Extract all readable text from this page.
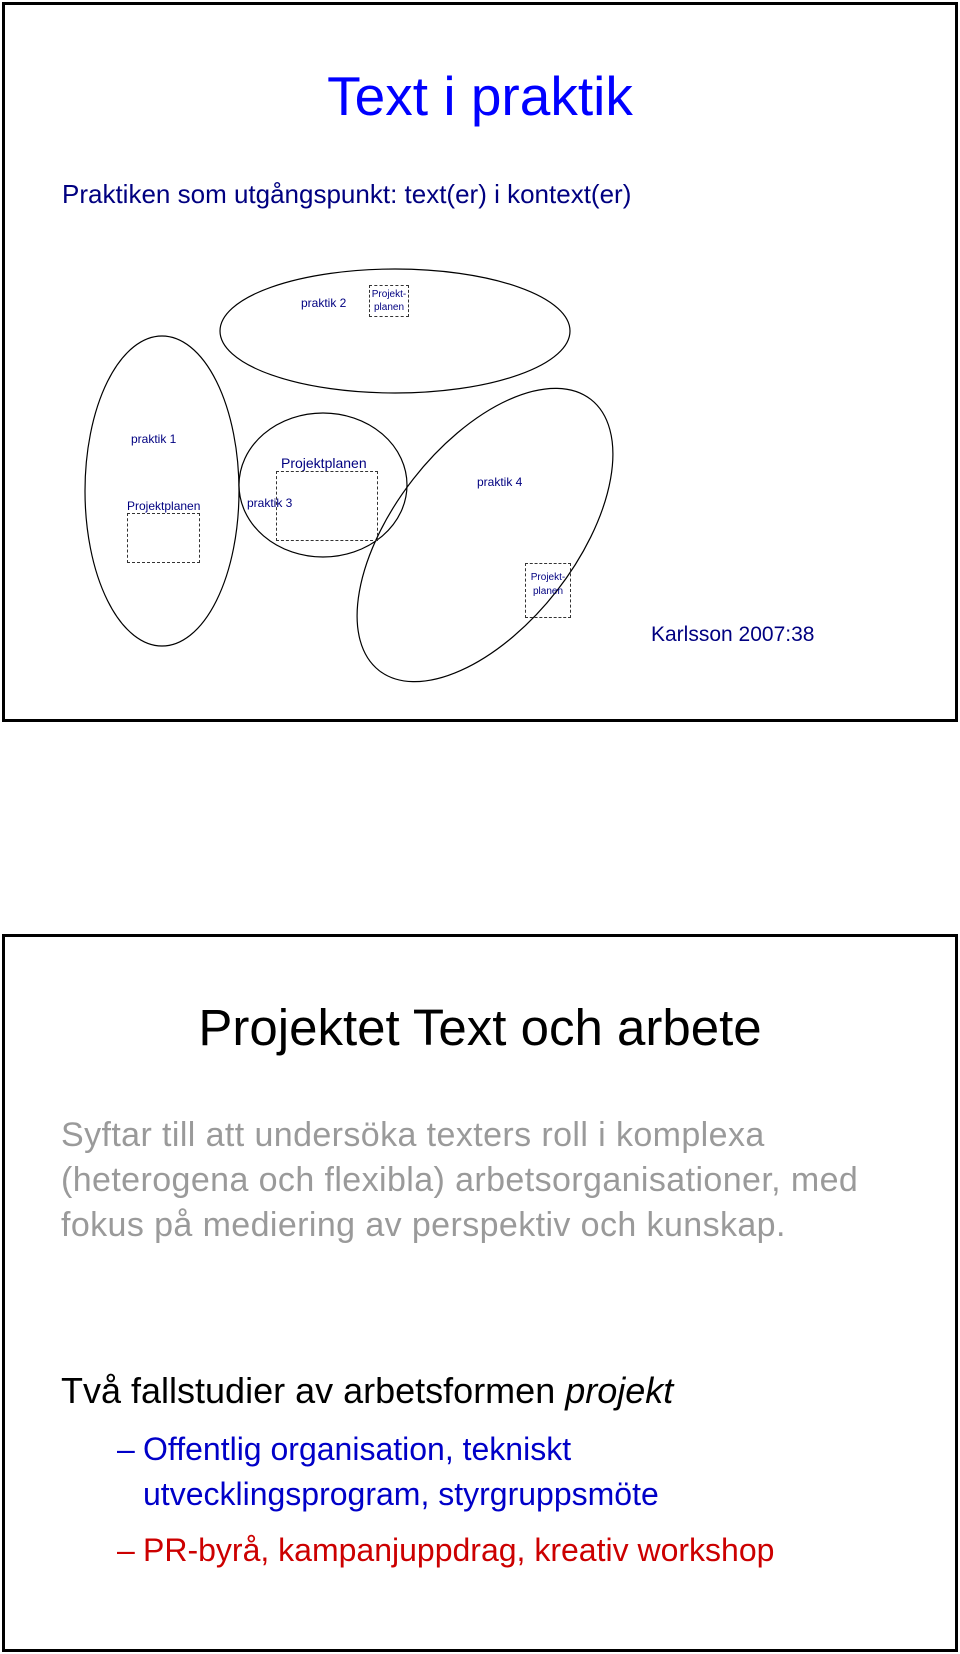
Text i praktik
Praktiken som utgångspunkt: text(er) i kontext(er)
praktik 2
Projekt-
planen
praktik 1
Projektplanen
Projektplanen
praktik 3
praktik 4
Projekt-
planen
Karlsson 2007:38
Projektet Text och arbete
Syftar till att undersöka texters roll i komplexa (heterogena och flexibla) arbetsorganisationer, med fokus på mediering av perspektiv och kunskap.
Två fallstudier av arbetsformen projekt
– Offentlig organisation, tekniskt utvecklingsprogram, styrgruppsmöte
– PR-byrå, kampanjuppdrag, kreativ workshop
